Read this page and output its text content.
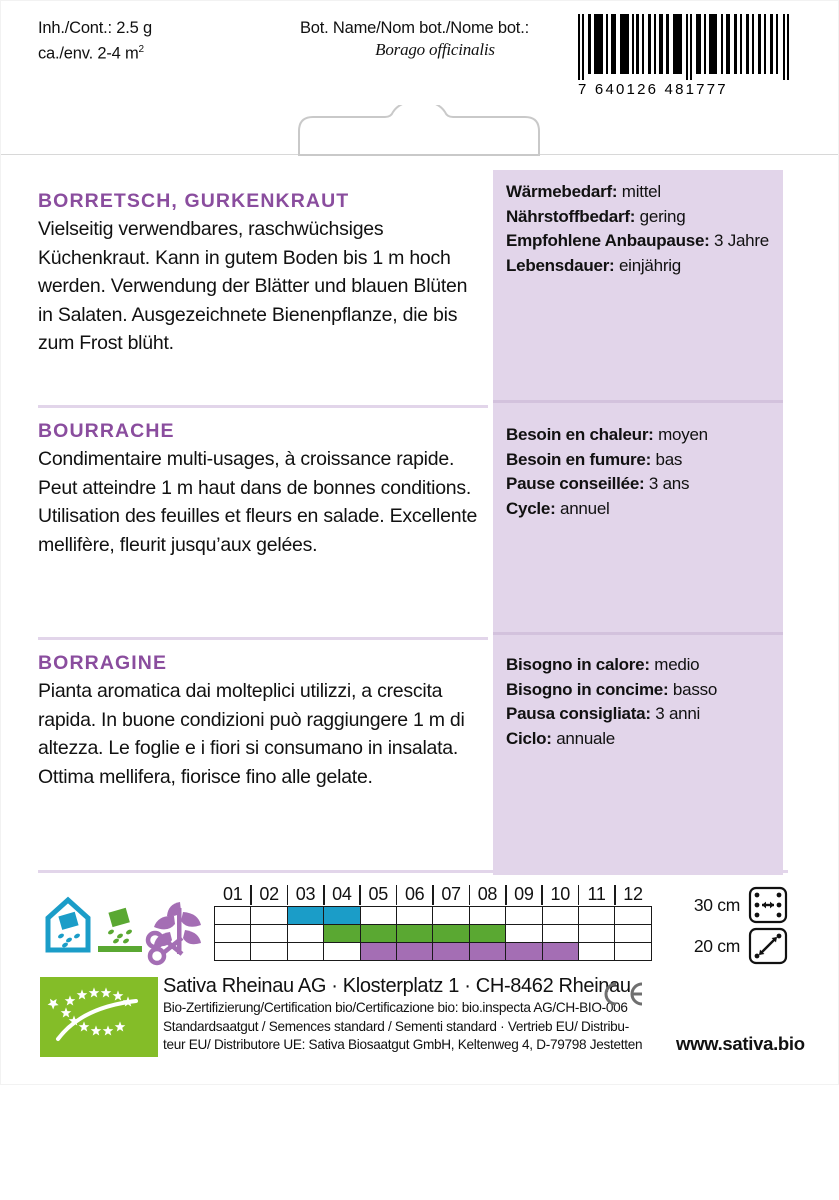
Inh./Cont.: 2.5 g
ca./env. 2-4 $m^2$
Bot. Name/Nom bot./Nome bot.:
Borago officinalis
7 640126 481777
Wärmebedarf: mittel
Nährstoffbedarf: gering
Empfohlene Anbaupause: 3 Jahre
Lebensdauer: einjährig
Besoin en chaleur: moyen
Besoin en fumure: bas
Pause conseillée: 3 ans
Cycle: annuel
Bisogno in calore: medio
Bisogno in concime: basso
Pausa consigliata: 3 anni
Ciclo: annuale
BORRETSCH, GURKENKRAUT

Vielseitig verwendbares, raschwüchsiges Küchenkraut. Kann in gutem Boden bis 1 m hoch werden. Verwendung der Blätter und blauen Blüten in Salaten. Ausgezeichnete Bienenpflanze, die bis zum Frost blüht.

BOURRACHE

Condimentaire multi-usages, à croissance rapide. Peut atteindre 1 m haut dans de bonnes conditions. Utilisation des feuilles et fleurs en salade. Excellente mellifère, fleurit jusqu’aux gelées.

BORRAGINE

Pianta aromatica dai molteplici utilizzi, a crescita rapida. In buone condizioni può raggiungere 1 m di altezza. Le foglie e i fiori si consumano in insalata. Ottima mellifera, fiorisce fino alle gelate.

01	02	03	04	05	06	07	08	09	10	11	12

30 cm
20 cm
Sativa Rheinau AG · Klosterplatz 1 · CH-8462 Rheinau
Bio-Zertifizierung/Certification bio/Certificazione bio: bio.inspecta AG/CH-BIO-006
Standardsaatgut / Semences standard / Sementi standard · Vertrieb EU/ Distribu-
teur EU/ Distributore UE: Sativa Biosaatgut GmbH, Keltenweg 4, D-79798 Jestetten	www.sativa.bio
